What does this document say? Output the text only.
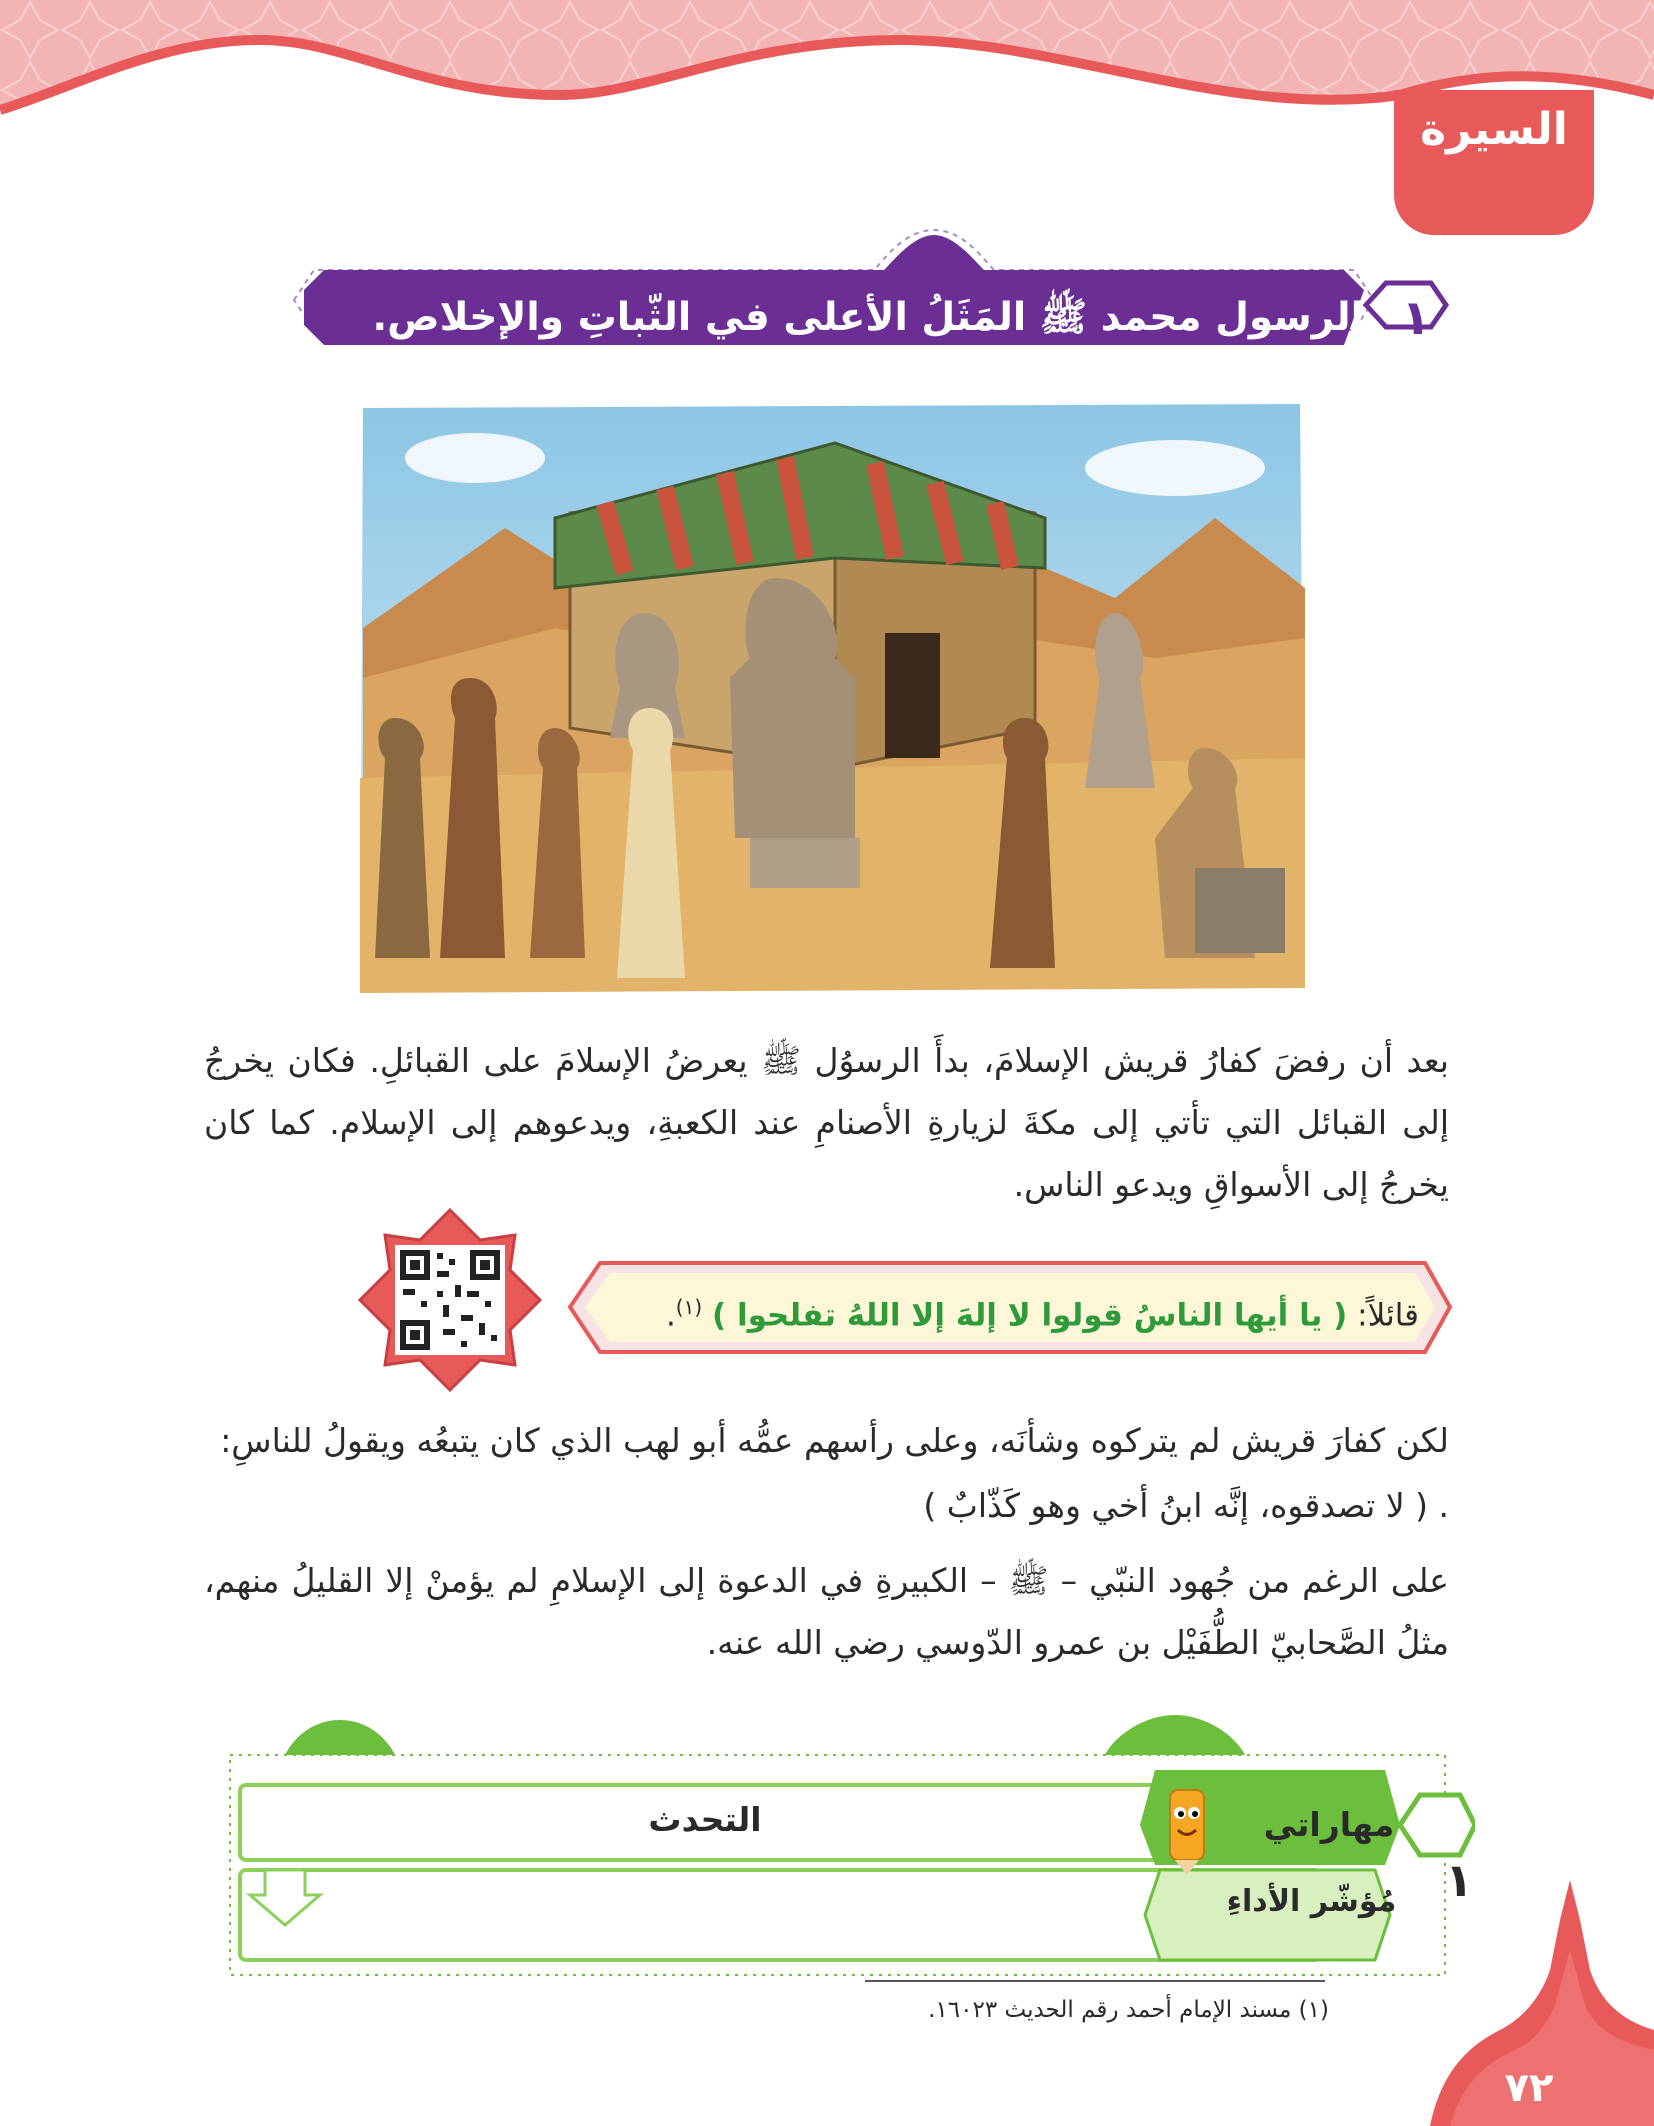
السيرة
الرسول محمد ﷺ المَثَلُ الأعلى في الثّباتِ والإخلاص. ١
بعد أن رفضَ كفارُ قريش الإسلامَ، بدأَ الرسوُل ﷺ يعرضُ الإسلامَ على القبائلِ. فكان يخرجُ إلى القبائل التي تأتي إلى مكةَ لزيارةِ الأصنامِ عند الكعبةِ، ويدعوهم إلى الإسلام. كما كان يخرجُ إلى الأسواقِ ويدعو الناس.
قائلاً: ( يا أيها الناسُ قولوا لا إلهَ إلا اللهُ تفلحوا ) $^{(١)}$.
لكن كفارَ قريش لم يتركوه وشأنَه، وعلى رأسهم عمُّه أبو لهب الذي كان يتبعُه ويقولُ للناسِ:
. ( لا تصدقوه، إنَّه ابنُ أخي وهو كَذّابٌ )
على الرغم من جُهود النبّي – ﷺ – الكبيرةِ في الدعوة إلى الإسلامِ لم يؤمنْ إلا القليلُ منهم، مثلُ الصَّحابيّ الطُّفَيْل بن عمرو الدّوسي رضي الله عنه.
التحدث	مهاراتي
مُؤشّر الأداءِ	١
(١) مسند الإمام أحمد رقم الحديث ١٦٠٢٣.
٧٢
